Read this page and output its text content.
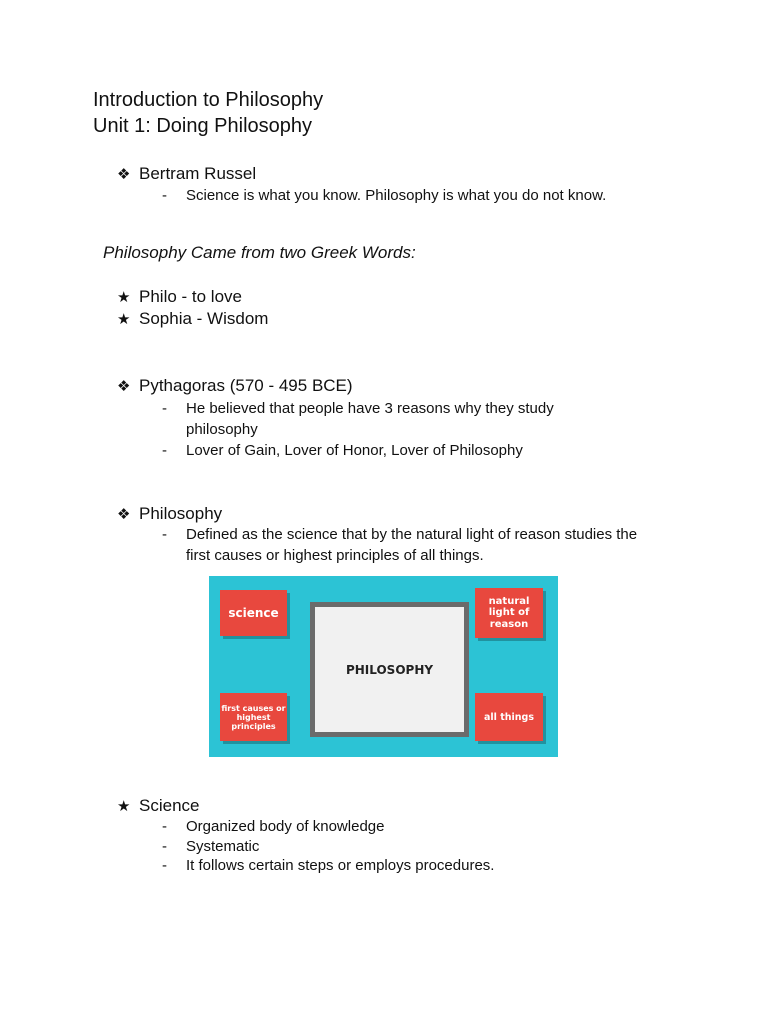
Introduction to Philosophy
Unit 1: Doing Philosophy
❖ Bertram Russel
- Science is what you know. Philosophy is what you do not know.
Philosophy Came from two Greek Words:
★ Philo - to love
★ Sophia - Wisdom
❖ Pythagoras (570 - 495 BCE)
- He believed that people have 3 reasons why they study philosophy
- Lover of Gain, Lover of Honor, Lover of Philosophy
❖ Philosophy
- Defined as the science that by the natural light of reason studies the first causes or highest principles of all things.
science
natural light of reason
first causes or highest principles
all things
PHILOSOPHY
★ Science
- Organized body of knowledge
- Systematic
- It follows certain steps or employs procedures.
